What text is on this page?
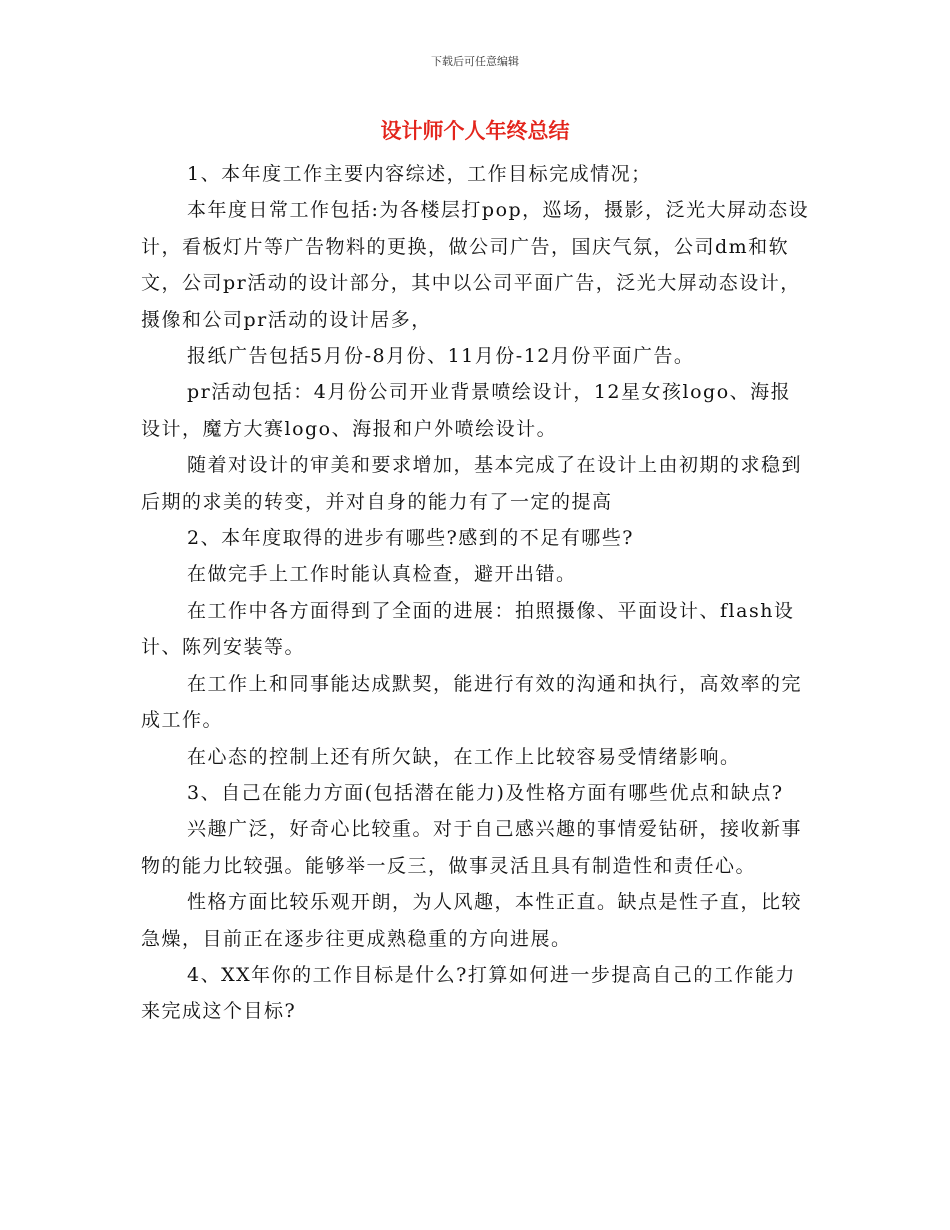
下载后可任意编辑
设计师个人年终总结

1、本年度工作主要内容综述，工作目标完成情况；

本年度日常工作包括:为各楼层打pop，巡场，摄影，泛光大屏动态设计，看板灯片等广告物料的更换，做公司广告，国庆气氛，公司dm和软文，公司pr活动的设计部分，其中以公司平面广告，泛光大屏动态设计，摄像和公司pr活动的设计居多，

报纸广告包括5月份-8月份、11月份-12月份平面广告。

pr活动包括：4月份公司开业背景喷绘设计，12星女孩logo、海报设计，魔方大赛logo、海报和户外喷绘设计。

随着对设计的审美和要求增加，基本完成了在设计上由初期的求稳到后期的求美的转变，并对自身的能力有了一定的提高

2、本年度取得的进步有哪些?感到的不足有哪些?

在做完手上工作时能认真检查，避开出错。

在工作中各方面得到了全面的进展：拍照摄像、平面设计、flash设计、陈列安装等。

在工作上和同事能达成默契，能进行有效的沟通和执行，高效率的完成工作。

在心态的控制上还有所欠缺，在工作上比较容易受情绪影响。

3、自己在能力方面(包括潜在能力)及性格方面有哪些优点和缺点?

兴趣广泛，好奇心比较重。对于自己感兴趣的事情爱钻研，接收新事物的能力比较强。能够举一反三，做事灵活且具有制造性和责任心。

性格方面比较乐观开朗，为人风趣，本性正直。缺点是性子直，比较急燥，目前正在逐步往更成熟稳重的方向进展。

4、XX年你的工作目标是什么?打算如何进一步提高自己的工作能力来完成这个目标?
